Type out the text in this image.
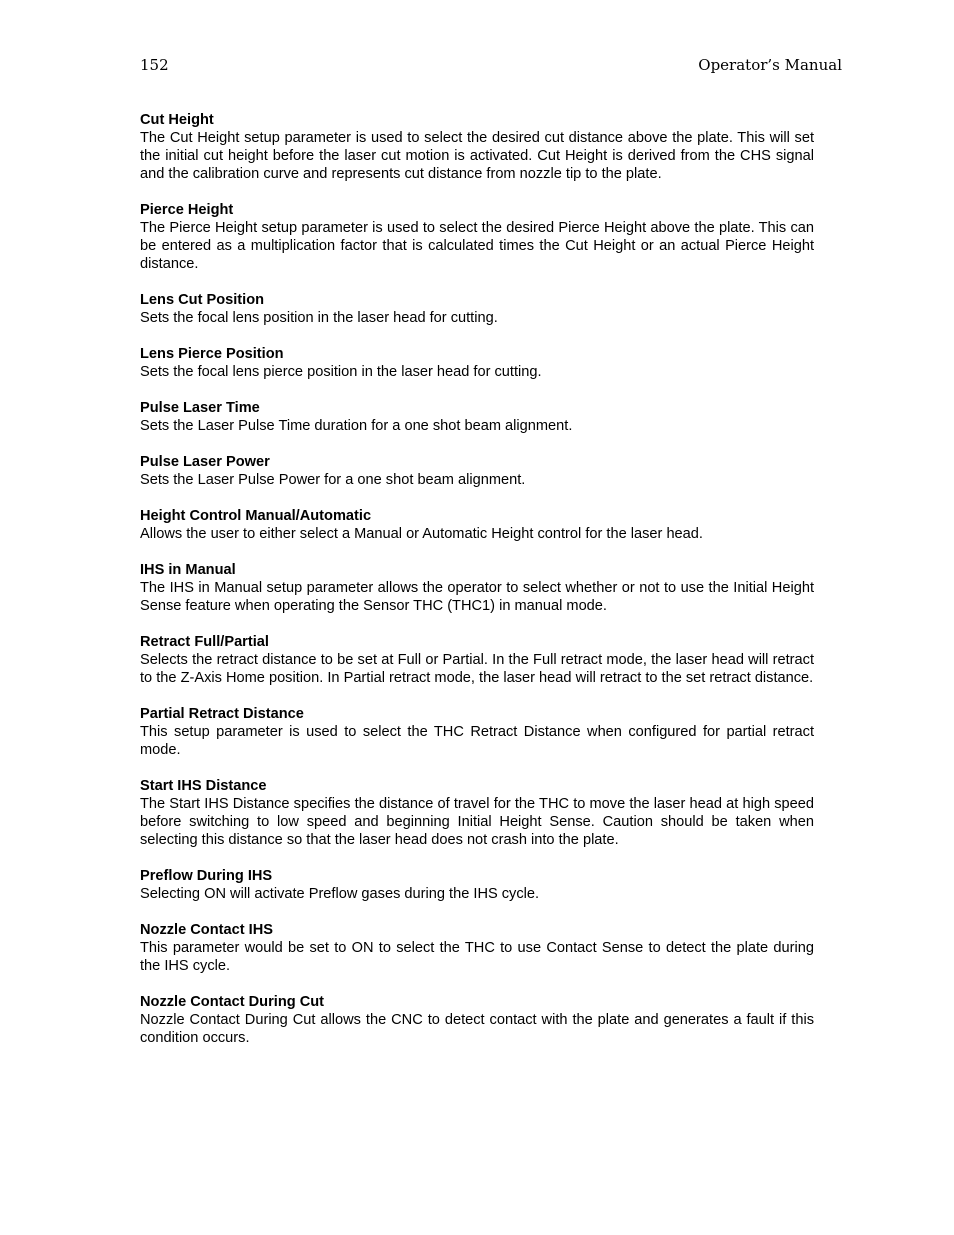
152	Operator’s Manual
Cut Height
The Cut Height setup parameter is used to select the desired cut distance above the plate. This will set the initial cut height before the laser cut motion is activated. Cut Height is derived from the CHS signal and the calibration curve and represents cut distance from nozzle tip to the plate.
Pierce Height
The Pierce Height setup parameter is used to select the desired Pierce Height above the plate. This can be entered as a multiplication factor that is calculated times the Cut Height or an actual Pierce Height distance.
Lens Cut Position
Sets the focal lens position in the laser head for cutting.
Lens Pierce Position
Sets the focal lens pierce position in the laser head for cutting.
Pulse Laser Time
Sets the Laser Pulse Time duration for a one shot beam alignment.
Pulse Laser Power
Sets the Laser Pulse Power for a one shot beam alignment.
Height Control Manual/Automatic
Allows the user to either select a Manual or Automatic Height control for the laser head.
IHS in Manual
The IHS in Manual setup parameter allows the operator to select whether or not to use the Initial Height Sense feature when operating the Sensor THC (THC1) in manual mode.
Retract Full/Partial
Selects the retract distance to be set at Full or Partial. In the Full retract mode, the laser head will retract to the Z-Axis Home position. In Partial retract mode, the laser head will retract to the set retract distance.
Partial Retract Distance
This setup parameter is used to select the THC Retract Distance when configured for partial retract mode.
Start IHS Distance
The Start IHS Distance specifies the distance of travel for the THC to move the laser head at high speed before switching to low speed and beginning Initial Height Sense. Caution should be taken when selecting this distance so that the laser head does not crash into the plate.
Preflow During IHS
Selecting ON will activate Preflow gases during the IHS cycle.
Nozzle Contact IHS
This parameter would be set to ON to select the THC to use Contact Sense to detect the plate during the IHS cycle.
Nozzle Contact During Cut
Nozzle Contact During Cut allows the CNC to detect contact with the plate and generates a fault if this condition occurs.
